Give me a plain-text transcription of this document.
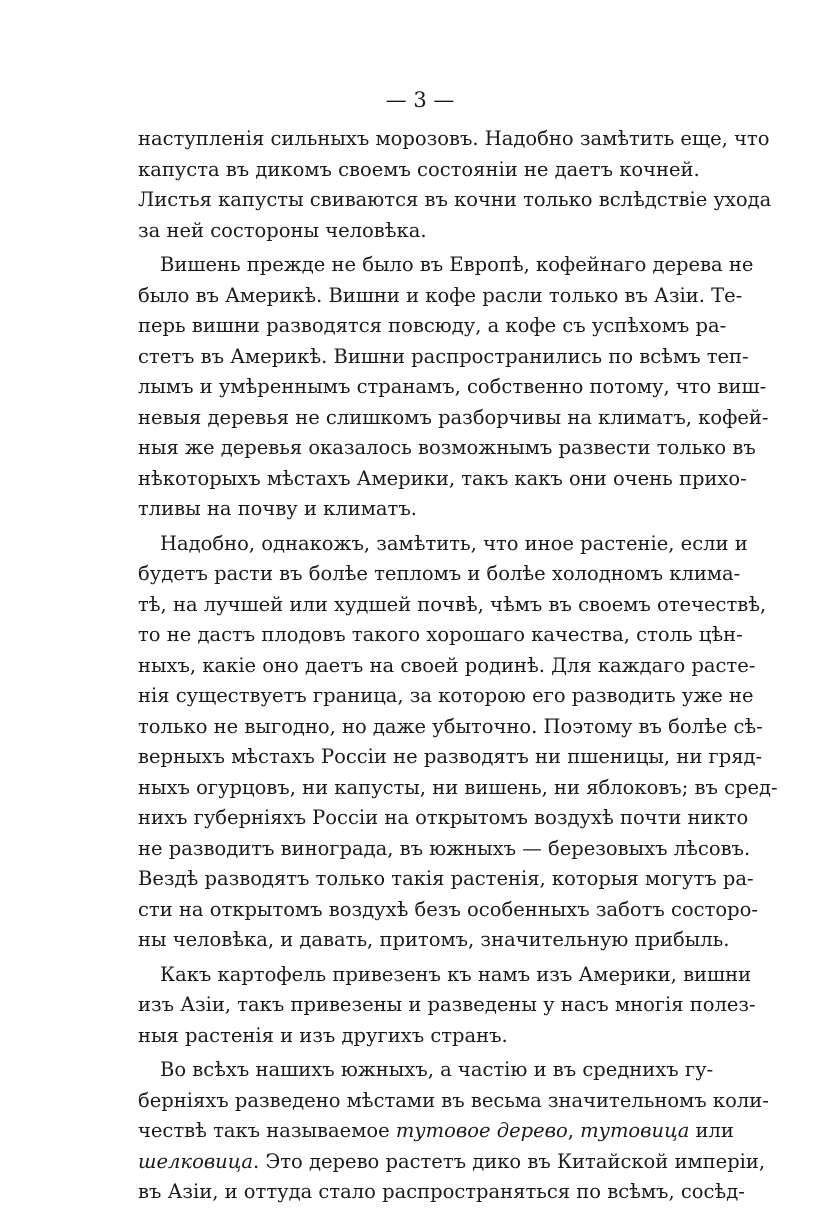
— 3 —
наступленія сильныхъ морозовъ. Надобно замѣтить еще, что
капуста въ дикомъ своемъ состояніи не даетъ кочней.
Листья капусты свиваются въ кочни только вслѣдствіе ухода
за ней состороны человѣка.
Вишень прежде не было въ Европѣ, кофейнаго дерева не
было въ Америкѣ. Вишни и кофе расли только въ Азіи. Те-
перь вишни разводятся повсюду, а кофе съ успѣхомъ ра-
стетъ въ Америкѣ. Вишни распространились по всѣмъ теп-
лымъ и умѣреннымъ странамъ, собственно потому, что виш-
невыя деревья не слишкомъ разборчивы на климатъ, кофей-
ныя же деревья оказалось возможнымъ развести только въ
нѣкоторыхъ мѣстахъ Америки, такъ какъ они очень прихо-
тливы на почву и климатъ.
Надобно, однакожъ, замѣтить, что иное растеніе, если и
будетъ расти въ болѣе тепломъ и болѣе холодномъ клима-
тѣ, на лучшей или худшей почвѣ, чѣмъ въ своемъ отечествѣ,
то не дастъ плодовъ такого хорошаго качества, столь цѣн-
ныхъ, какіе оно даетъ на своей родинѣ. Для каждаго расте-
нія существуетъ граница, за которою его разводить уже не
только не выгодно, но даже убыточно. Поэтому въ болѣе сѣ-
верныхъ мѣстахъ Россіи не разводятъ ни пшеницы, ни гряд-
ныхъ огурцовъ, ни капусты, ни вишень, ни яблоковъ; въ сред-
нихъ губерніяхъ Россіи на открытомъ воздухѣ почти никто
не разводитъ винограда, въ южныхъ — березовыхъ лѣсовъ.
Вездѣ разводятъ только такія растенія, которыя могутъ ра-
сти на открытомъ воздухѣ безъ особенныхъ заботъ состоро-
ны человѣка, и давать, притомъ, значительную прибыль.
Какъ картофель привезенъ къ намъ изъ Америки, вишни
изъ Азіи, такъ привезены и разведены у насъ многія полез-
ныя растенія и изъ другихъ странъ.
Во всѣхъ нашихъ южныхъ, а частію и въ среднихъ гу-
берніяхъ разведено мѣстами въ весьма значительномъ коли-
чествѣ такъ называемое тутовое дерево, тутовица или
шелковица. Это дерево растетъ дико въ Китайской имперіи,
въ Азіи, и оттуда стало распространяться по всѣмъ, сосѣд-
